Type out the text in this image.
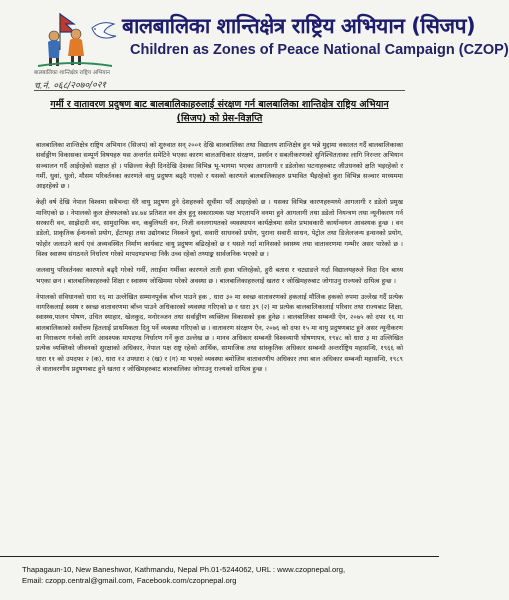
बालबालिका शान्तिक्षेत्र राष्ट्रिय अभियान (सिजप)
Children as Zones of Peace National Campaign (CZOP)
बालबालिका शान्तिक्षेत्र राष्ट्रिय अभियान
च.नं. ०६८/२०७०/०२१
गर्मी र वातावरण प्रदुषण बाट बालबालिकाहरुलाई संरक्षण गर्न बालबालिका शान्तिक्षेत्र राष्ट्रिय अभियान (सिजप) को प्रेस-विज्ञप्ति

बालबालिका शान्तिक्षेत्र राष्ट्रिय अभियान (सिजप) को शुरुवात सन् २००१ देखि बालबालिका तथा विद्यालय शान्तिक्षेत्र हुन भन्ने मुद्दामा वकालत गर्दै बालबालिकाका सर्वाङ्गीण विकासका सम्पूर्ण विषयहरु यस अन्तर्गत समेटिने भएका कारण बालअधिकार संरक्षण, प्रवर्धन र सबलीकरणको सुनिश्चितताका लागि निरन्तर अभियान सञ्चालन गर्दै आईरहेको सक्षात हो । पछिल्ला केही दिनदेखि देशका विभिन्न भू-भागमा भएका आगलागी र डडेलोका घटनाहरुबाट जीउधनको क्षति भइरहेको र गर्मी, धुवां, धुलो, मौसम परिवर्तनका कारणले वायु प्रदुषण बढ्दै गएको र यसको कारणले बालबालिकाहरु प्रभावित भैइरहेको कुरा विभिन्न सञ्चार माध्यममा आइरहेको छ ।

केही वर्ष देखि नेपाल विश्वमा सबैभन्दा धेरै वायु प्रदुषण हुने देशहरुको सूचीमा पर्दै आइरहेको छ । यसका विभिन्न कारणहरुमध्ये आगलागी र डडेलो प्रमुख मानिएको छ । नेपालको कुल क्षेत्रफलको ४४.७४ प्रतिशत वन क्षेत्र हुनु सकारात्मक पक्ष भएतापनि वनमा हुने आगलागी तथा डडेलो नियन्त्रण तथा न्यूनीकरण गर्न सरकारी वन, साझेदारी वन, सामुदायिक वन, कबुलियती वन, निजी वनलगायतको व्यवस्थापन कार्यक्षेत्रमा समेत प्रभावकारी कार्यान्वयन आवश्यक हुन्छ । वन डडेलो, प्राकृतिक ईन्धनको प्रयोग, इँटाभट्टा तथा उद्योगबाट निस्कने धुवां, सवारी साधनको प्रयोग, पुराना सवारी साधन, पेट्रोल तथा डिजेलजन्य इन्धनको प्रयोग, फोहोर जलाउने कार्य एवं अव्यवस्थित निर्माण कार्यबाट वायु प्रदुषण बढिरहेको छ र यसले गर्दा मानिसको स्वास्थ्य तथा वातावरणमा गम्भीर असर पारेको छ । विश्व स्वास्थ्य संगठनले निर्धारण गरेको मापदण्डभन्दा निकै उच्च रहेको तथ्याङ्क सार्वजनिक भएको छ ।

जलवायु परिवर्तनका कारणले बढ्दै गरेको गर्मी, तराईमा गर्मीका कारणले ताती हावा चलिरहेको, हुरी बतास र चट्याङले गर्दा विद्यालयहरुले विदा दिन बाध्य भएका छन । बालबालिकाहरुको शिक्षा र स्वास्थ्य जोखिममा परेको अवस्था छ । बालबालिकाहरुलाई खतरा र जोखिमहरुबाट जोगाउनु राज्यको दायित्व हुन्छ ।

नेपालको संविधानको धारा १६ मा उल्लेखित सम्मानपूर्वक बाँच्न पाउने हक , धारा ३० मा स्वच्छ वातावरणको हकलाई मौलिक हकको रुपमा उल्लेख गर्दै प्रत्येक नागरिकलाई स्वस्थ र स्वच्छ वातावरणमा बाँच्न पाउने अधिकारको व्यवस्था गरिएको छ र धारा ३९ (२) मा प्रत्येक बालबालिकालाई परिवार तथा राज्यबाट शिक्षा, स्वास्थ्य,पालन पोषण, उचित स्याहार, खेलकुद, मनोरञ्जन तथा सर्वाङ्गीण व्यक्तित्व विकासको हक हुनेछ । बालबालिका सम्बन्धी ऐन, २०७५ को दफा १६ मा बालबालिकाको सर्वोत्तम हितलाई प्राथमिकता दिनु पर्ने व्यवस्था गरिएको छ । वातावरण संरक्षण ऐन, २०७६ को दफा १५ मा वायु प्रदुषणबाट हुने असर न्यूनीकरण वा निराकरण गर्नको लागि आवश्यक मापदण्ड निर्धारण गर्ने कुरा उल्लेख छ । मानव अधिकार सम्बन्धी विश्वव्यापी घोषणापत्र, १९४८ को धारा ३ मा उल्लिखित प्रत्येक व्यक्तिको जीवनको सुरक्षाको अधिकार, नेपाल पक्ष राष्ट्र रहेको आर्थिक, सामाजिक तथा सांस्कृतिक अधिकार सम्बन्धी अन्तर्राष्ट्रिय महासन्धि, १९६६ को धारा ११ को उपदफा २ (क), धारा १२ उपधारा २ (ख) र (ग) मा भएको व्यवस्था बमोजिम वातावरणीय अधिकार तथा बाल अधिकार सम्बन्धी महासन्धि, १९८९ ले वातावरणीय प्रदुषणबाट हुने खतरा र जोखिमहरुबाट बालबालिका जोगाउनु राज्यको दायित्व हुन्छ ।

Thapagaun-10, New Baneshwor, Kathmandu, Nepal Ph.01-5244062, URL : www.czopnepal.org,
Email: czopp.central@gmail.com, Facebook.com/czopnepal.org
